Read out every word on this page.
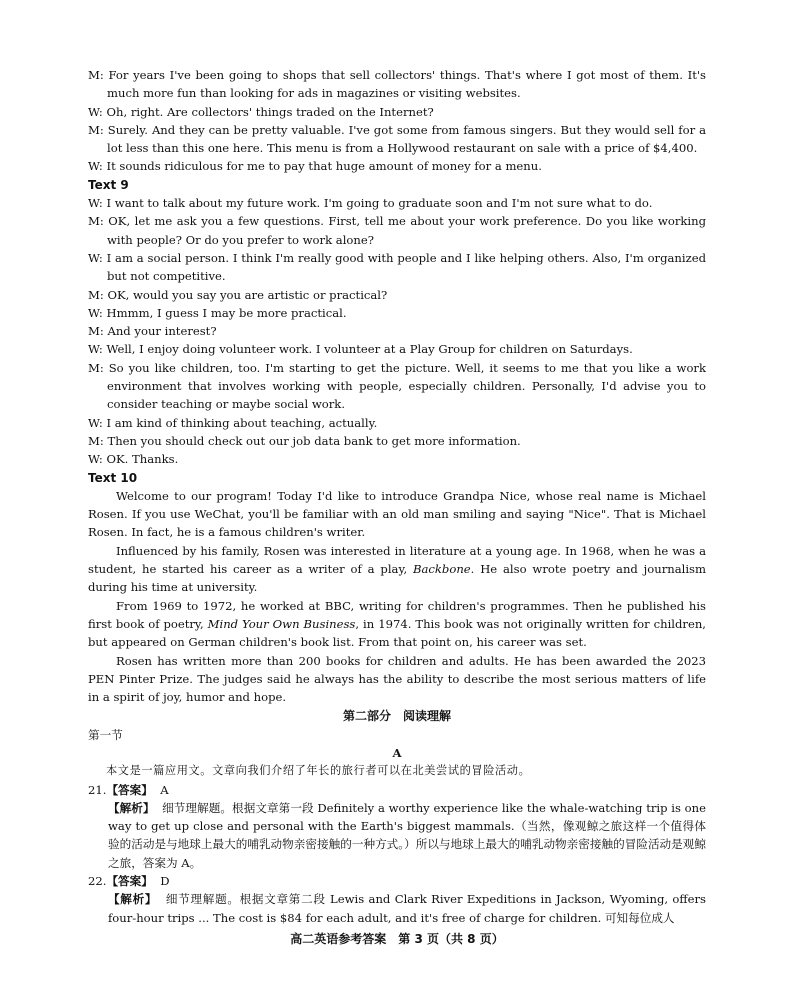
M: For years I've been going to shops that sell collectors' things. That's where I got most of them. It's much more fun than looking for ads in magazines or visiting websites.

W: Oh, right. Are collectors' things traded on the Internet?

M: Surely. And they can be pretty valuable. I've got some from famous singers. But they would sell for a lot less than this one here. This menu is from a Hollywood restaurant on sale with a price of $4,400.

W: It sounds ridiculous for me to pay that huge amount of money for a menu.

Text 9

W: I want to talk about my future work. I'm going to graduate soon and I'm not sure what to do.

M: OK, let me ask you a few questions. First, tell me about your work preference. Do you like working with people? Or do you prefer to work alone?

W: I am a social person. I think I'm really good with people and I like helping others. Also, I'm organized but not competitive.

M: OK, would you say you are artistic or practical?

W: Hmmm, I guess I may be more practical.

M: And your interest?

W: Well, I enjoy doing volunteer work. I volunteer at a Play Group for children on Saturdays.

M: So you like children, too. I'm starting to get the picture. Well, it seems to me that you like a work environment that involves working with people, especially children. Personally, I'd advise you to consider teaching or maybe social work.

W: I am kind of thinking about teaching, actually.

M: Then you should check out our job data bank to get more information.

W: OK. Thanks.

Text 10

Welcome to our program! Today I'd like to introduce Grandpa Nice, whose real name is Michael Rosen. If you use WeChat, you'll be familiar with an old man smiling and saying "Nice". That is Michael Rosen. In fact, he is a famous children's writer.

Influenced by his family, Rosen was interested in literature at a young age. In 1968, when he was a student, he started his career as a writer of a play, Backbone. He also wrote poetry and journalism during his time at university.

From 1969 to 1972, he worked at BBC, writing for children's programmes. Then he published his first book of poetry, Mind Your Own Business, in 1974. This book was not originally written for children, but appeared on German children's book list. From that point on, his career was set.

Rosen has written more than 200 books for children and adults. He has been awarded the 2023 PEN Pinter Prize. The judges said he always has the ability to describe the most serious matters of life in a spirit of joy, humor and hope.

第二部分　阅读理解

第一节

A

本文是一篇应用文。文章向我们介绍了年长的旅行者可以在北美尝试的冒险活动。

21.【答案】 A

【解析】 细节理解题。根据文章第一段 Definitely a worthy experience like the whale-watching trip is one way to get up close and personal with the Earth's biggest mammals.（当然，像观鲸之旅这样一个值得体验的活动是与地球上最大的哺乳动物亲密接触的一种方式。）所以与地球上最大的哺乳动物亲密接触的冒险活动是观鲸之旅，答案为 A。

22.【答案】 D

【解析】 细节理解题。根据文章第二段 Lewis and Clark River Expeditions in Jackson, Wyoming, offers four-hour trips ... The cost is $84 for each adult, and it's free of charge for children. 可知每位成人

高二英语参考答案　第 3 页（共 8 页）
